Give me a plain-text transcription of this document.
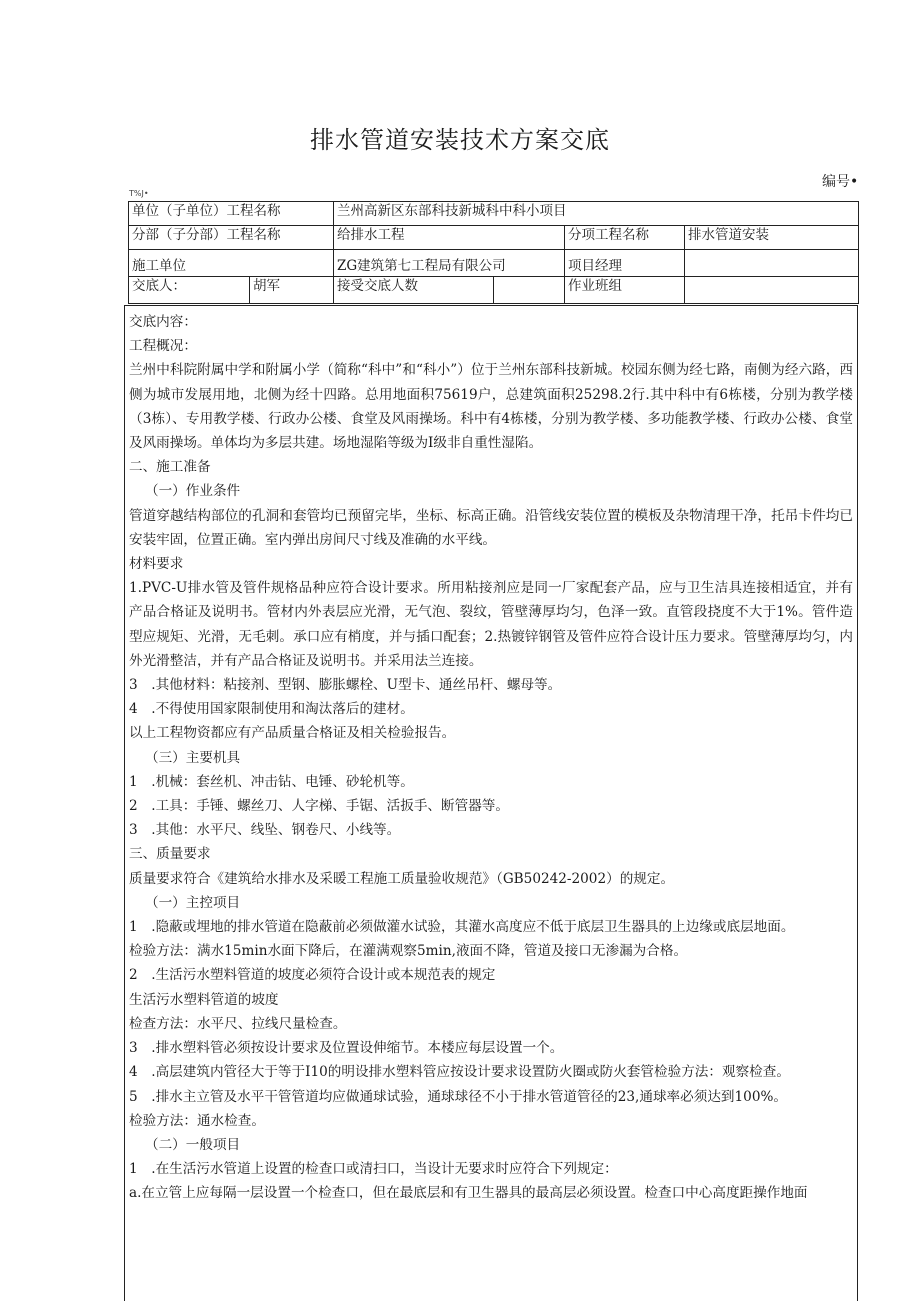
排水管道安装技术方案交底
编号•
T%J•
单位（子单位）工程名称		兰州高新区东部科技新城科中科小项目			
分部（子分部）工程名称		给排水工程		分项工程名称	排水管道安装
施工单位		ZG建筑第七工程局有限公司		项目经理	
交底人：	胡军	接受交底人数		作业班组	

交底内容：

工程概况：

兰州中科院附属中学和附属小学（简称“科中”和“科小”）位于兰州东部科技新城。校园东侧为经七路，南侧为经六路，西侧为城市发展用地，北侧为经十四路。总用地面积75619户，总建筑面积25298.2行.其中科中有6栋楼，分别为教学楼（3栋）、专用教学楼、行政办公楼、食堂及风雨操场。科中有4栋楼，分别为教学楼、多功能教学楼、行政办公楼、食堂及风雨操场。单体均为多层共建。场地湿陷等级为I级非自重性湿陷。

二、施工准备

（一）作业条件

管道穿越结构部位的孔洞和套管均已预留完毕，坐标、标高正确。沿管线安装位置的模板及杂物清理干净，托吊卡件均已安装牢固，位置正确。室内弹出房间尺寸线及准确的水平线。

材料要求

1.PVC-U排水管及管件规格品种应符合设计要求。所用粘接剂应是同一厂家配套产品，应与卫生洁具连接相适宜，并有产品合格证及说明书。管材内外表层应光滑，无气泡、裂纹，管壁薄厚均匀，色泽一致。直管段挠度不大于1%。管件造型应规矩、光滑，无毛刺。承口应有梢度，并与插口配套；2.热镀锌钢管及管件应符合设计压力要求。管壁薄厚均匀，内外光滑整洁，并有产品合格证及说明书。并采用法兰连接。

3　.其他材料：粘接剂、型钢、膨胀螺栓、U型卡、通丝吊杆、螺母等。

4　.不得使用国家限制使用和淘汰落后的建材。

以上工程物资都应有产品质量合格证及相关检验报告。

（三）主要机具

1　.机械：套丝机、冲击钻、电锤、砂轮机等。

2　.工具：手锤、螺丝刀、人字梯、手锯、活扳手、断管器等。

3　.其他：水平尺、线坠、钢卷尺、小线等。

三、质量要求

质量要求符合《建筑给水排水及采暖工程施工质量验收规范》（GB50242-2002）的规定。

（一）主控项目

1　.隐蔽或埋地的排水管道在隐蔽前必须做灌水试验，其灌水高度应不低于底层卫生器具的上边缘或底层地面。

检验方法：满水15min水面下降后，在灌满观察5min,液面不降，管道及接口无渗漏为合格。

2　.生活污水塑料管道的坡度必须符合设计或本规范表的规定

生活污水塑料管道的坡度

检查方法：水平尺、拉线尺量检查。

3　.排水塑料管必须按设计要求及位置设伸缩节。本楼应每层设置一个。

4　.高层建筑内管径大于等于I10的明设排水塑料管应按设计要求设置防火圈或防火套管检验方法：观察检查。

5　.排水主立管及水平干管管道均应做通球试验，通球球径不小于排水管道管径的23,通球率必须达到100%。

检验方法：通水检查。

（二）一般项目

1　.在生活污水管道上设置的检查口或清扫口，当设计无要求时应符合下列规定：

a.在立管上应每隔一层设置一个检查口，但在最底层和有卫生器具的最高层必须设置。检查口中心高度距操作地面
